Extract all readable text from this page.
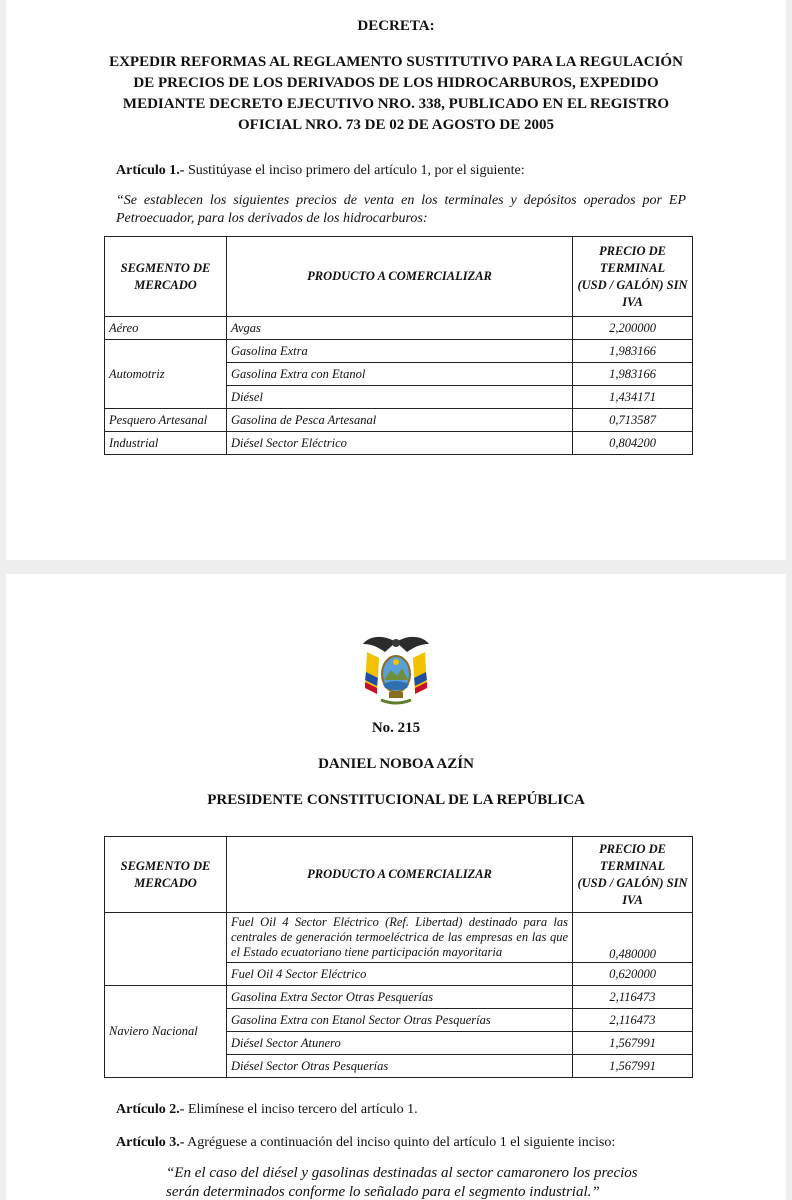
DECRETA:
EXPEDIR REFORMAS AL REGLAMENTO SUSTITUTIVO PARA LA REGULACIÓN DE PRECIOS DE LOS DERIVADOS DE LOS HIDROCARBUROS, EXPEDIDO MEDIANTE DECRETO EJECUTIVO NRO. 338, PUBLICADO EN EL REGISTRO OFICIAL NRO. 73 DE 02 DE AGOSTO DE 2005
Artículo 1.- Sustitúyase el inciso primero del artículo 1, por el siguiente:
“Se establecen los siguientes precios de venta en los terminales y depósitos operados por EP Petroecuador, para los derivados de los hidrocarburos:
SEGMENTO DE MERCADO	PRODUCTO A COMERCIALIZAR	PRECIO DE TERMINAL
(USD / GALÓN) SIN IVA
Aéreo	Avgas	2,200000
Automotriz	Gasolina Extra	1,983166
	Gasolina Extra con Etanol	1,983166
	Diésel	1,434171
Pesquero Artesanal	Gasolina de Pesca Artesanal	0,713587
Industrial	Diésel Sector Eléctrico	0,804200
No. 215
DANIEL NOBOA AZÍN
PRESIDENTE CONSTITUCIONAL DE LA REPÚBLICA
SEGMENTO DE MERCADO	PRODUCTO A COMERCIALIZAR	PRECIO DE TERMINAL
(USD / GALÓN) SIN IVA
	Fuel Oil 4 Sector Eléctrico (Ref. Libertad) destinado para las centrales de generación termoeléctrica de las empresas en las que el Estado ecuatoriano tiene participación mayoritaria	0,480000
	Fuel Oil 4 Sector Eléctrico	0,620000
Naviero Nacional	Gasolina Extra Sector Otras Pesquerías	2,116473
	Gasolina Extra con Etanol Sector Otras Pesquerías	2,116473
	Diésel Sector Atunero	1,567991
	Diésel Sector Otras Pesquerías	1,567991
Artículo 2.- Elimínese el inciso tercero del artículo 1.
Artículo 3.- Agréguese a continuación del inciso quinto del artículo 1 el siguiente inciso:
“En el caso del diésel y gasolinas destinadas al sector camaronero los precios serán determinados conforme lo señalado para el segmento industrial.”
